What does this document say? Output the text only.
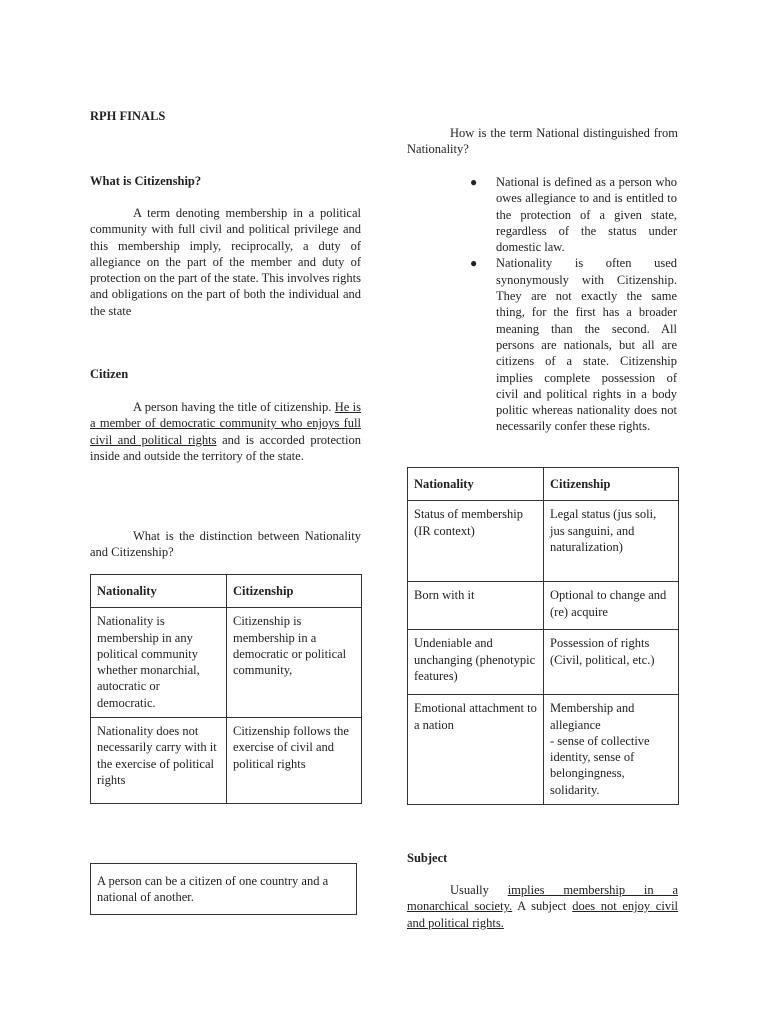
RPH FINALS
What is Citizenship?

A term denoting membership in a political community with full civil and political privilege and this membership imply, reciprocally, a duty of allegiance on the part of the member and duty of protection on the part of the state. This involves rights and obligations on the part of both the individual and the state

Citizen

A person having the title of citizenship. He is a member of democratic community who enjoys full civil and political rights and is accorded protection inside and outside the territory of the state.

What is the distinction between Nationality and Citizenship?

Nationality	Citizenship
Nationality is membership in any political community whether monarchial, autocratic or democratic.	Citizenship is membership in a democratic or political community,
Nationality does not necessarily carry with it the exercise of political rights	Citizenship follows the exercise of civil and political rights
A person can be a citizen of one country and a national of another.

How is the term National distinguished from Nationality?

● National is defined as a person who owes allegiance to and is entitled to the protection of a given state, regardless of the status under domestic law.
● Nationality is often used synonymously with Citizenship. They are not exactly the same thing, for the first has a broader meaning than the second. All persons are nationals, but all are citizens of a state. Citizenship implies complete possession of civil and political rights in a body politic whereas nationality does not necessarily confer these rights.
Nationality	Citizenship
Status of membership (IR context)	Legal status (jus soli, jus sanguini, and naturalization)
Born with it	Optional to change and (re) acquire
Undeniable and unchanging (phenotypic features)	Possession of rights (Civil, political, etc.)
Emotional attachment to a nation	Membership and allegiance
- sense of collective identity, sense of belongingness, solidarity.
Subject

Usually implies membership in a monarchical society. A subject does not enjoy civil and political rights.
